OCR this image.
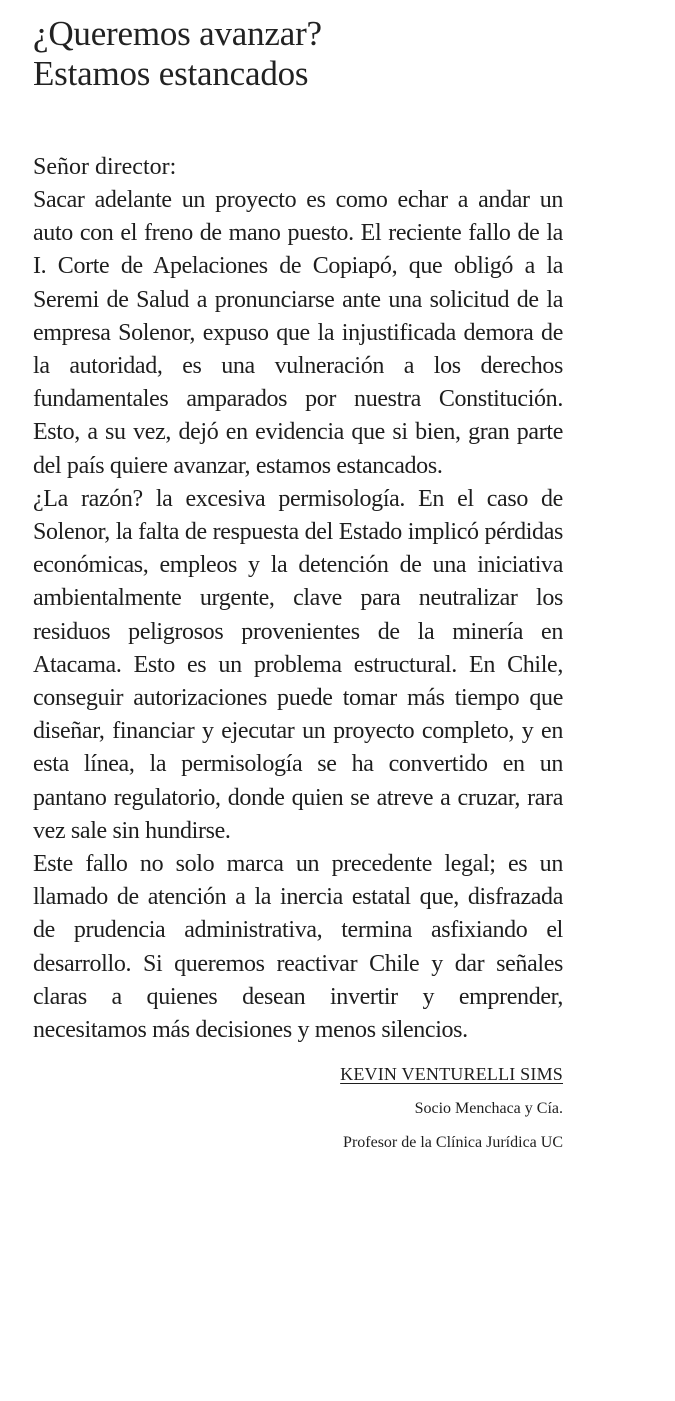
¿Queremos avanzar?
Estamos estancados

Señor director:

Sacar adelante un proyecto es como echar a andar un auto con el freno de mano puesto. El reciente fallo de la I. Corte de Apelaciones de Copiapó, que obligó a la Seremi de Salud a pronunciarse ante una solicitud de la empresa Solenor, expuso que la injustificada demora de la autoridad, es una vulneración a los derechos fundamentales amparados por nuestra Constitución. Esto, a su vez, dejó en evidencia que si bien, gran parte del país quiere avanzar, estamos estancados.

¿La razón? la excesiva permisología. En el caso de Solenor, la falta de respuesta del Estado implicó pérdidas económicas, empleos y la detención de una iniciativa ambientalmente urgente, clave para neutralizar los residuos peligrosos provenientes de la minería en Atacama. Esto es un problema estructural. En Chile, conseguir autorizaciones puede tomar más tiempo que diseñar, financiar y ejecutar un proyecto completo, y en esta línea, la permisología se ha convertido en un pantano regulatorio, donde quien se atreve a cruzar, rara vez sale sin hundirse.

Este fallo no solo marca un precedente legal; es un llamado de atención a la inercia estatal que, disfrazada de prudencia administrativa, termina asfixiando el desarrollo. Si queremos reactivar Chile y dar señales claras a quienes desean invertir y emprender, necesitamos más decisiones y menos silencios.

KEVIN VENTURELLI SIMS
Socio Menchaca y Cía.
Profesor de la Clínica Jurídica UC
